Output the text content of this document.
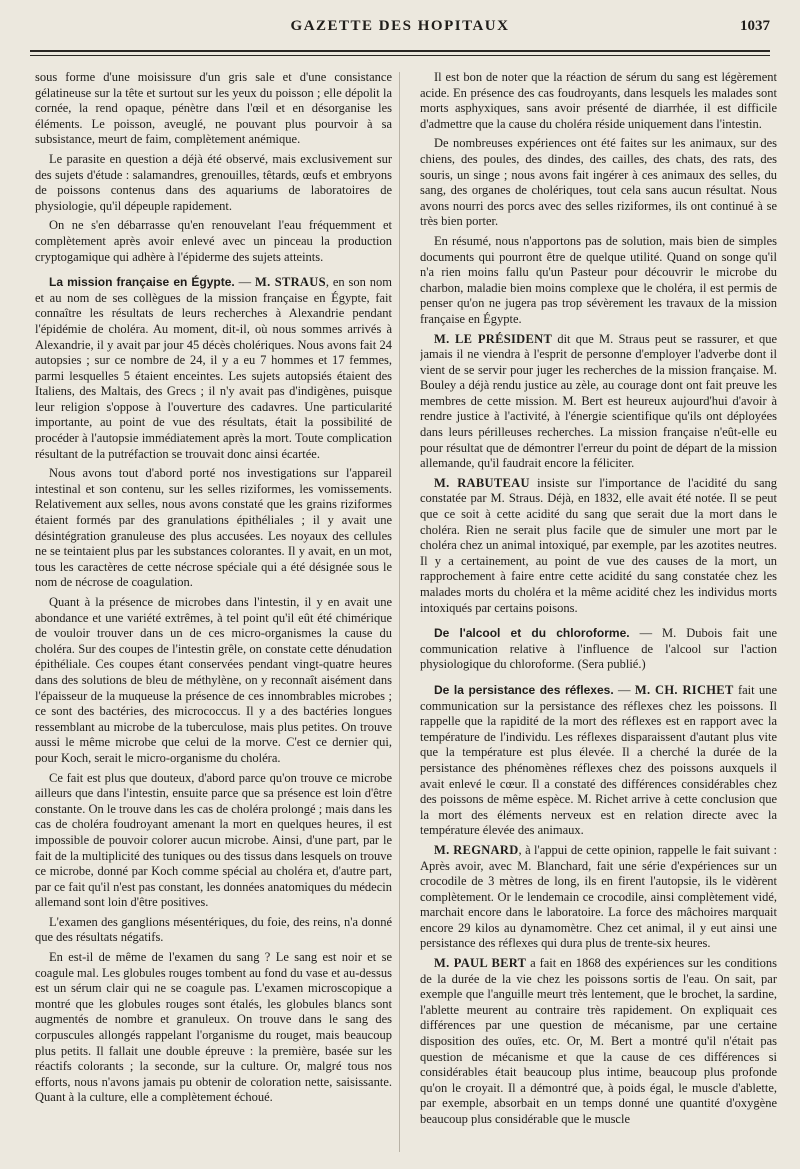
GAZETTE DES HOPITAUX	1037

sous forme d'une moisissure d'un gris sale et d'une consistance gélatineuse sur la tête et surtout sur les yeux du poisson ; elle dépolit la cornée, la rend opaque, pénètre dans l'œil et en désorganise les éléments. Le poisson, aveuglé, ne pouvant plus pourvoir à sa subsistance, meurt de faim, complètement anémique.

Le parasite en question a déjà été observé, mais exclusivement sur des sujets d'étude : salamandres, grenouilles, têtards, œufs et embryons de poissons contenus dans des aquariums de laboratoires de physiologie, qu'il dépeuple rapidement.

On ne s'en débarrasse qu'en renouvelant l'eau fréquemment et complètement après avoir enlevé avec un pinceau la production cryptogamique qui adhère à l'épiderme des sujets atteints.

La mission française en Égypte. — M. STRAUS, en son nom et au nom de ses collègues de la mission française en Égypte, fait connaître les résultats de leurs recherches à Alexandrie pendant l'épidémie de choléra. Au moment, dit-il, où nous sommes arrivés à Alexandrie, il y avait par jour 45 décès cholériques. Nous avons fait 24 autopsies ; sur ce nombre de 24, il y a eu 7 hommes et 17 femmes, parmi lesquelles 5 étaient enceintes. Les sujets autopsiés étaient des Italiens, des Maltais, des Grecs ; il n'y avait pas d'indigènes, puisque leur religion s'oppose à l'ouverture des cadavres. Une particularité importante, au point de vue des résultats, était la possibilité de procéder à l'autopsie immédiatement après la mort. Toute complication résultant de la putréfaction se trouvait donc ainsi écartée.

Nous avons tout d'abord porté nos investigations sur l'appareil intestinal et son contenu, sur les selles riziformes, les vomissements. Relativement aux selles, nous avons constaté que les grains riziformes étaient formés par des granulations épithéliales ; il y avait une désintégration granuleuse des plus accusées. Les noyaux des cellules ne se teintaient plus par les substances colorantes. Il y avait, en un mot, tous les caractères de cette nécrose spéciale qui a été désignée sous le nom de nécrose de coagulation.

Quant à la présence de microbes dans l'intestin, il y en avait une abondance et une variété extrêmes, à tel point qu'il eût été chimérique de vouloir trouver dans un de ces micro-organismes la cause du choléra. Sur des coupes de l'intestin grêle, on constate cette dénudation épithéliale. Ces coupes étant conservées pendant vingt-quatre heures dans des solutions de bleu de méthylène, on y reconnaît aisément dans l'épaisseur de la muqueuse la présence de ces innombrables microbes ; ce sont des bactéries, des micrococcus. Il y a des bactéries longues ressemblant au microbe de la tuberculose, mais plus petites. On trouve aussi le même microbe que celui de la morve. C'est ce dernier qui, pour Koch, serait le micro-organisme du choléra.

Ce fait est plus que douteux, d'abord parce qu'on trouve ce microbe ailleurs que dans l'intestin, ensuite parce que sa présence est loin d'être constante. On le trouve dans les cas de choléra prolongé ; mais dans les cas de choléra foudroyant amenant la mort en quelques heures, il est impossible de pouvoir colorer aucun microbe. Ainsi, d'une part, par le fait de la multiplicité des tuniques ou des tissus dans lesquels on trouve ce microbe, donné par Koch comme spécial au choléra et, d'autre part, par ce fait qu'il n'est pas constant, les données anatomiques du médecin allemand sont loin d'être positives.

L'examen des ganglions mésentériques, du foie, des reins, n'a donné que des résultats négatifs.

En est-il de même de l'examen du sang ? Le sang est noir et se coagule mal. Les globules rouges tombent au fond du vase et au-dessus est un sérum clair qui ne se coagule pas. L'examen microscopique a montré que les globules rouges sont étalés, les globules blancs sont augmentés de nombre et granuleux. On trouve dans le sang des corpuscules allongés rappelant l'organisme du rouget, mais beaucoup plus petits. Il fallait une double épreuve : la première, basée sur les réactifs colorants ; la seconde, sur la culture. Or, malgré tous nos efforts, nous n'avons jamais pu obtenir de coloration nette, saisissante. Quant à la culture, elle a complètement échoué.

Il est bon de noter que la réaction de sérum du sang est légèrement acide. En présence des cas foudroyants, dans lesquels les malades sont morts asphyxiques, sans avoir présenté de diarrhée, il est difficile d'admettre que la cause du choléra réside uniquement dans l'intestin.

De nombreuses expériences ont été faites sur les animaux, sur des chiens, des poules, des dindes, des cailles, des chats, des rats, des souris, un singe ; nous avons fait ingérer à ces animaux des selles, du sang, des organes de cholériques, tout cela sans aucun résultat. Nous avons nourri des porcs avec des selles riziformes, ils ont continué à se très bien porter.

En résumé, nous n'apportons pas de solution, mais bien de simples documents qui pourront être de quelque utilité. Quand on songe qu'il n'a rien moins fallu qu'un Pasteur pour découvrir le microbe du charbon, maladie bien moins complexe que le choléra, il est permis de penser qu'on ne jugera pas trop sévèrement les travaux de la mission française en Égypte.

M. LE PRÉSIDENT dit que M. Straus peut se rassurer, et que jamais il ne viendra à l'esprit de personne d'employer l'adverbe dont il vient de se servir pour juger les recherches de la mission française. M. Bouley a déjà rendu justice au zèle, au courage dont ont fait preuve les membres de cette mission. M. Bert est heureux aujourd'hui d'avoir à rendre justice à l'activité, à l'énergie scientifique qu'ils ont déployées dans leurs périlleuses recherches. La mission française n'eût-elle eu pour résultat que de démontrer l'erreur du point de départ de la mission allemande, qu'il faudrait encore la féliciter.

M. RABUTEAU insiste sur l'importance de l'acidité du sang constatée par M. Straus. Déjà, en 1832, elle avait été notée. Il se peut que ce soit à cette acidité du sang que serait due la mort dans le choléra. Rien ne serait plus facile que de simuler une mort par le choléra chez un animal intoxiqué, par exemple, par les azotites neutres. Il y a certainement, au point de vue des causes de la mort, un rapprochement à faire entre cette acidité du sang constatée chez les malades morts du choléra et la même acidité chez les individus morts intoxiqués par certains poisons.

De l'alcool et du chloroforme. — M. Dubois fait une communication relative à l'influence de l'alcool sur l'action physiologique du chloroforme. (Sera publié.)

De la persistance des réflexes. — M. CH. RICHET fait une communication sur la persistance des réflexes chez les poissons. Il rappelle que la rapidité de la mort des réflexes est en rapport avec la température de l'individu. Les réflexes disparaissent d'autant plus vite que la température est plus élevée. Il a cherché la durée de la persistance des phénomènes réflexes chez des poissons auxquels il avait enlevé le cœur. Il a constaté des différences considérables chez des poissons de même espèce. M. Richet arrive à cette conclusion que la mort des éléments nerveux est en relation directe avec la température élevée des animaux.

M. REGNARD, à l'appui de cette opinion, rappelle le fait suivant : Après avoir, avec M. Blanchard, fait une série d'expériences sur un crocodile de 3 mètres de long, ils en firent l'autopsie, ils le vidèrent complètement. Or le lendemain ce crocodile, ainsi complètement vidé, marchait encore dans le laboratoire. La force des mâchoires marquait encore 29 kilos au dynamomètre. Chez cet animal, il y eut ainsi une persistance des réflexes qui dura plus de trente-six heures.

M. PAUL BERT a fait en 1868 des expériences sur les conditions de la durée de la vie chez les poissons sortis de l'eau. On sait, par exemple que l'anguille meurt très lentement, que le brochet, la sardine, l'ablette meurent au contraire très rapidement. On expliquait ces différences par une question de mécanisme, par une certaine disposition des ouïes, etc. Or, M. Bert a montré qu'il n'était pas question de mécanisme et que la cause de ces différences si considérables était beaucoup plus intime, beaucoup plus profonde qu'on le croyait. Il a démontré que, à poids égal, le muscle d'ablette, par exemple, absorbait en un temps donné une quantité d'oxygène beaucoup plus considérable que le muscle
